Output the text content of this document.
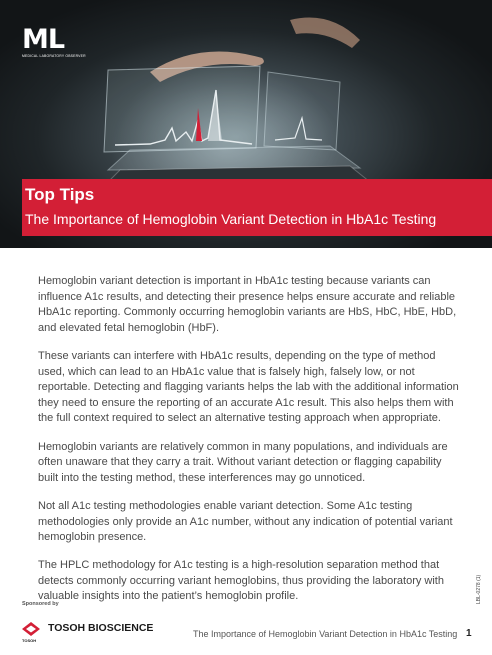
ML
MEDICAL LABORATORY OBSERVER
Top Tips
The Importance of Hemoglobin Variant Detection in HbA1c Testing

Hemoglobin variant detection is important in HbA1c testing because variants can influence A1c results, and detecting their presence helps ensure accurate and reliable HbA1c reporting. Commonly occurring hemoglobin variants are HbS, HbC, HbE, HbD, and elevated fetal hemoglobin (HbF).

These variants can interfere with HbA1c results, depending on the type of method used, which can lead to an HbA1c value that is falsely high, falsely low, or not reportable. Detecting and flagging variants helps the lab with the additional information they need to ensure the reporting of an accurate A1c result. This also helps them with the full context required to select an alternative testing approach when appropriate.

Hemoglobin variants are relatively common in many populations, and individuals are often unaware that they carry a trait. Without variant detection or flagging capability built into the testing method, these interferences may go unnoticed.

Not all A1c testing methodologies enable variant detection. Some A1c testing methodologies only provide an A1c number, without any indication of potential variant hemoglobin presence.

The HPLC methodology for A1c testing is a high-resolution separation method that detects commonly occurring variant hemoglobins, thus providing the laboratory with valuable insights into the patient’s hemoglobin profile.

Sponsored by
TOSOH BIOSCIENCE
TOSOH
The Importance of Hemoglobin Variant Detection in HbA1c Testing 1
LBL-0278 (1)
